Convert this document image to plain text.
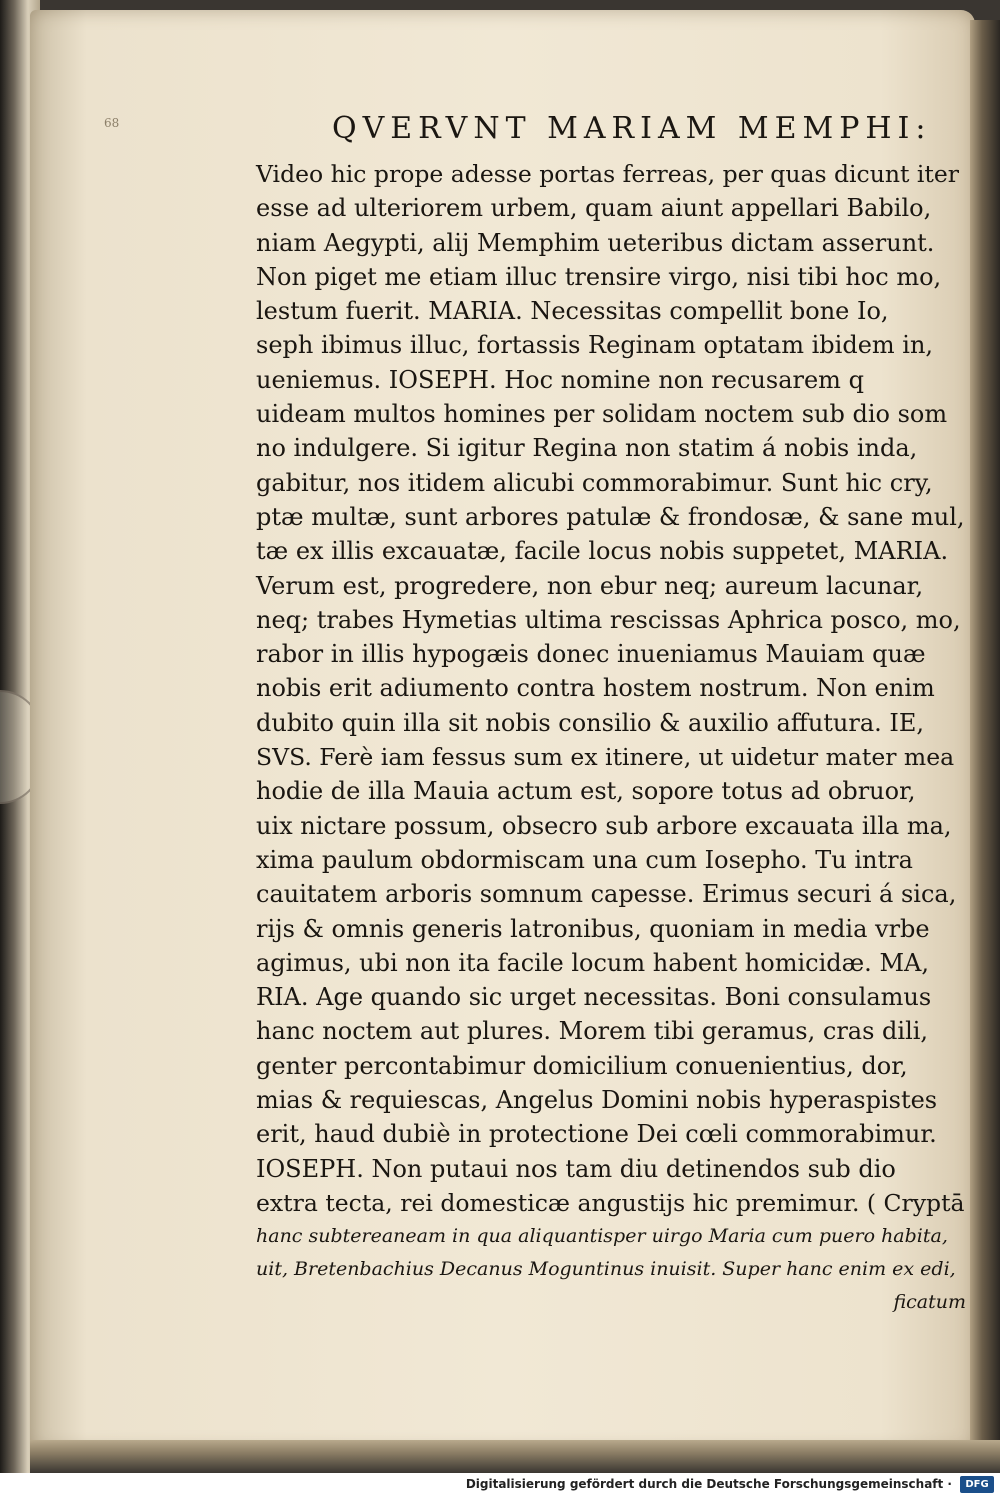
68	QVERVNT MARIAM MEMPHI:
Video hic prope adesse portas ferreas, per quas dicunt iter
esse ad ulteriorem urbem, quam aiunt appellari Babilo,
niam Aegypti, alij Memphim ueteribus dictam asserunt.
Non piget me etiam illuc trensire virgo, nisi tibi hoc mo,
lestum fuerit. MARIA. Necessitas compellit bone Io,
seph ibimus illuc, fortassis Reginam optatam ibidem in,
ueniemus. IOSEPH. Hoc nomine non recusarem q
uideam multos homines per solidam noctem sub dio som
no indulgere. Si igitur Regina non statim á nobis inda,
gabitur, nos itidem alicubi commorabimur. Sunt hic cry,
ptæ multæ, sunt arbores patulæ & frondosæ, & sane mul,
tæ ex illis excauatæ, facile locus nobis suppetet, MARIA.
Verum est, progredere, non ebur neq; aureum lacunar,
neq; trabes Hymetias ultima rescissas Aphrica posco, mo,
rabor in illis hypogæis donec inueniamus Mauiam quæ
nobis erit adiumento contra hostem nostrum. Non enim
dubito quin illa sit nobis consilio & auxilio affutura. IE,
SVS. Ferè iam fessus sum ex itinere, ut uidetur mater mea
hodie de illa Mauia actum est, sopore totus ad obruor,
uix nictare possum, obsecro sub arbore excauata illa ma,
xima paulum obdormiscam una cum Iosepho. Tu intra
cauitatem arboris somnum capesse. Erimus securi á sica,
rijs & omnis generis latronibus, quoniam in media vrbe
agimus, ubi non ita facile locum habent homicidæ. MA,
RIA. Age quando sic urget necessitas. Boni consulamus
hanc noctem aut plures. Morem tibi geramus, cras dili,
genter percontabimur domicilium conuenientius, dor,
mias & requiescas, Angelus Domini nobis hyperaspistes
erit, haud dubiè in protectione Dei cœli commorabimur.
IOSEPH. Non putaui nos tam diu detinendos sub dio
extra tecta, rei domesticæ angustijs hic premimur. ( Cryptā
hanc subtereaneam in qua aliquantisper uirgo Maria cum puero habita,
uit, Bretenbachius Decanus Moguntinus inuisit. Super hanc enim ex edi,
ficatum
Digitalisierung gefördert durch die Deutsche Forschungsgemeinschaft ·	DFG
